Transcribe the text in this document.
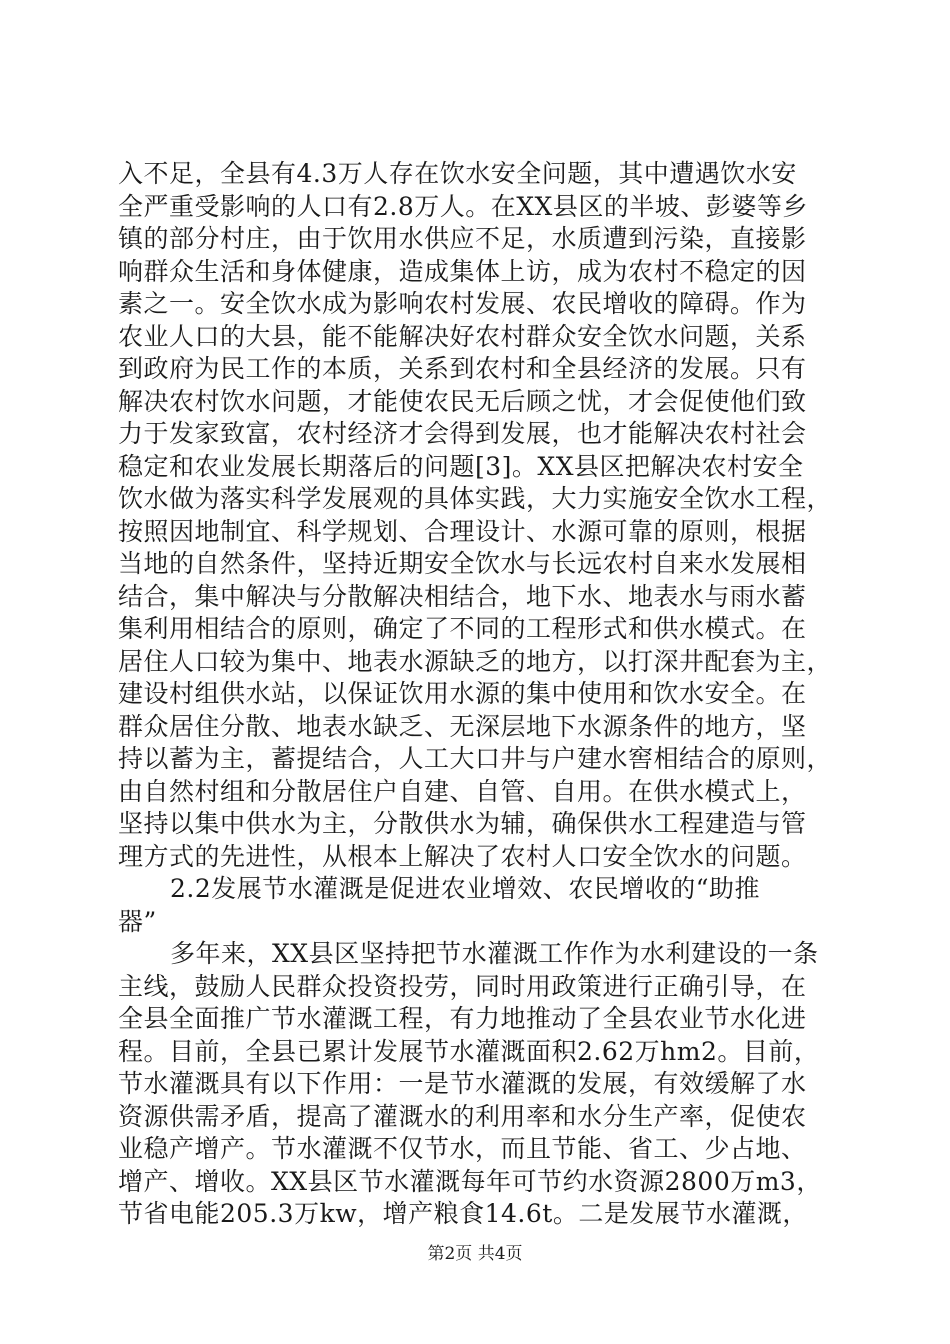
入不足，全县有4.3万人存在饮水安全问题，其中遭遇饮水安
全严重受影响的人口有2.8万人。在XX县区的半坡、彭婆等乡
镇的部分村庄，由于饮用水供应不足，水质遭到污染，直接影
响群众生活和身体健康，造成集体上访，成为农村不稳定的因
素之一。安全饮水成为影响农村发展、农民增收的障碍。作为
农业人口的大县，能不能解决好农村群众安全饮水问题，关系
到政府为民工作的本质，关系到农村和全县经济的发展。只有
解决农村饮水问题，才能使农民无后顾之忧，才会促使他们致
力于发家致富，农村经济才会得到发展，也才能解决农村社会
稳定和农业发展长期落后的问题[3]。XX县区把解决农村安全
饮水做为落实科学发展观的具体实践，大力实施安全饮水工程，
按照因地制宜、科学规划、合理设计、水源可靠的原则，根据
当地的自然条件，坚持近期安全饮水与长远农村自来水发展相
结合，集中解决与分散解决相结合，地下水、地表水与雨水蓄
集利用相结合的原则，确定了不同的工程形式和供水模式。在
居住人口较为集中、地表水源缺乏的地方，以打深井配套为主，
建设村组供水站，以保证饮用水源的集中使用和饮水安全。在
群众居住分散、地表水缺乏、无深层地下水源条件的地方，坚
持以蓄为主，蓄提结合，人工大口井与户建水窖相结合的原则，
由自然村组和分散居住户自建、自管、自用。在供水模式上，
坚持以集中供水为主，分散供水为辅，确保供水工程建造与管
理方式的先进性，从根本上解决了农村人口安全饮水的问题。
2.2发展节水灌溉是促进农业增效、农民增收的“助推
器”
多年来，XX县区坚持把节水灌溉工作作为水利建设的一条
主线，鼓励人民群众投资投劳，同时用政策进行正确引导，在
全县全面推广节水灌溉工程，有力地推动了全县农业节水化进
程。目前，全县已累计发展节水灌溉面积2.62万hm2。目前，
节水灌溉具有以下作用：一是节水灌溉的发展，有效缓解了水
资源供需矛盾，提高了灌溉水的利用率和水分生产率，促使农
业稳产增产。节水灌溉不仅节水，而且节能、省工、少占地、
增产、增收。XX县区节水灌溉每年可节约水资源2800万m3，
节省电能205.3万kw，增产粮食14.6t。二是发展节水灌溉，
第2页 共4页
